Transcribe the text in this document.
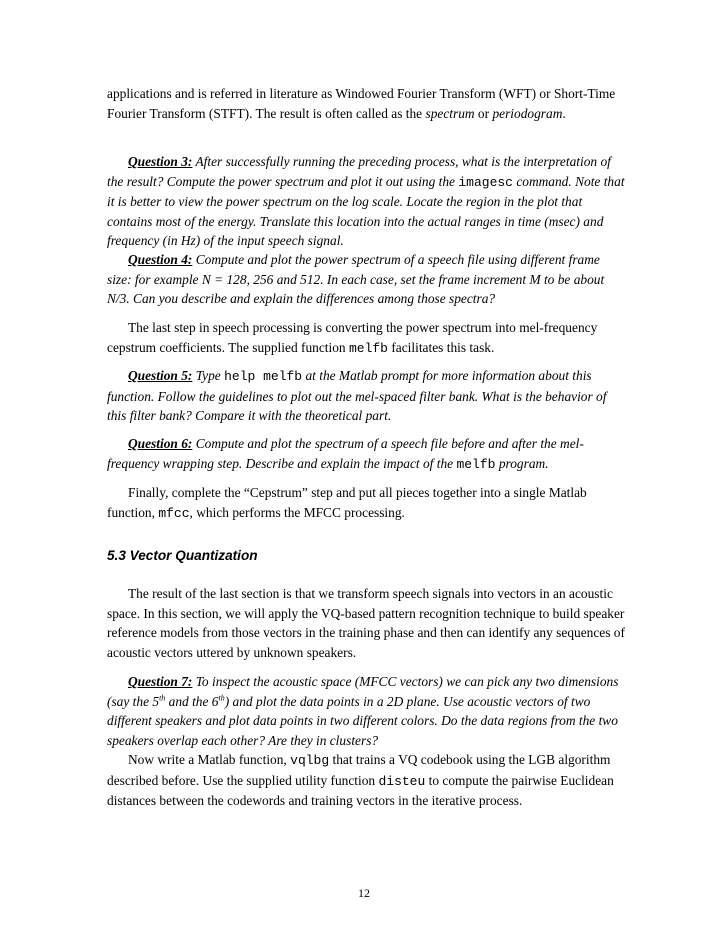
applications and is referred in literature as Windowed Fourier Transform (WFT) or Short-Time Fourier Transform (STFT). The result is often called as the spectrum or periodogram.
Question 3: After successfully running the preceding process, what is the interpretation of the result? Compute the power spectrum and plot it out using the imagesc command. Note that it is better to view the power spectrum on the log scale. Locate the region in the plot that contains most of the energy. Translate this location into the actual ranges in time (msec) and frequency (in Hz) of the input speech signal.
Question 4: Compute and plot the power spectrum of a speech file using different frame size: for example N = 128, 256 and 512. In each case, set the frame increment M to be about N/3. Can you describe and explain the differences among those spectra?
The last step in speech processing is converting the power spectrum into mel-frequency cepstrum coefficients. The supplied function melfb facilitates this task.
Question 5: Type help melfb at the Matlab prompt for more information about this function. Follow the guidelines to plot out the mel-spaced filter bank. What is the behavior of this filter bank? Compare it with the theoretical part.
Question 6: Compute and plot the spectrum of a speech file before and after the mel-frequency wrapping step. Describe and explain the impact of the melfb program.
Finally, complete the “Cepstrum” step and put all pieces together into a single Matlab function, mfcc, which performs the MFCC processing.
5.3 Vector Quantization
The result of the last section is that we transform speech signals into vectors in an acoustic space. In this section, we will apply the VQ-based pattern recognition technique to build speaker reference models from those vectors in the training phase and then can identify any sequences of acoustic vectors uttered by unknown speakers.
Question 7: To inspect the acoustic space (MFCC vectors) we can pick any two dimensions (say the 5th and the 6th) and plot the data points in a 2D plane. Use acoustic vectors of two different speakers and plot data points in two different colors. Do the data regions from the two speakers overlap each other? Are they in clusters?
Now write a Matlab function, vqlbg that trains a VQ codebook using the LGB algorithm described before. Use the supplied utility function disteu to compute the pairwise Euclidean distances between the codewords and training vectors in the iterative process.
12
